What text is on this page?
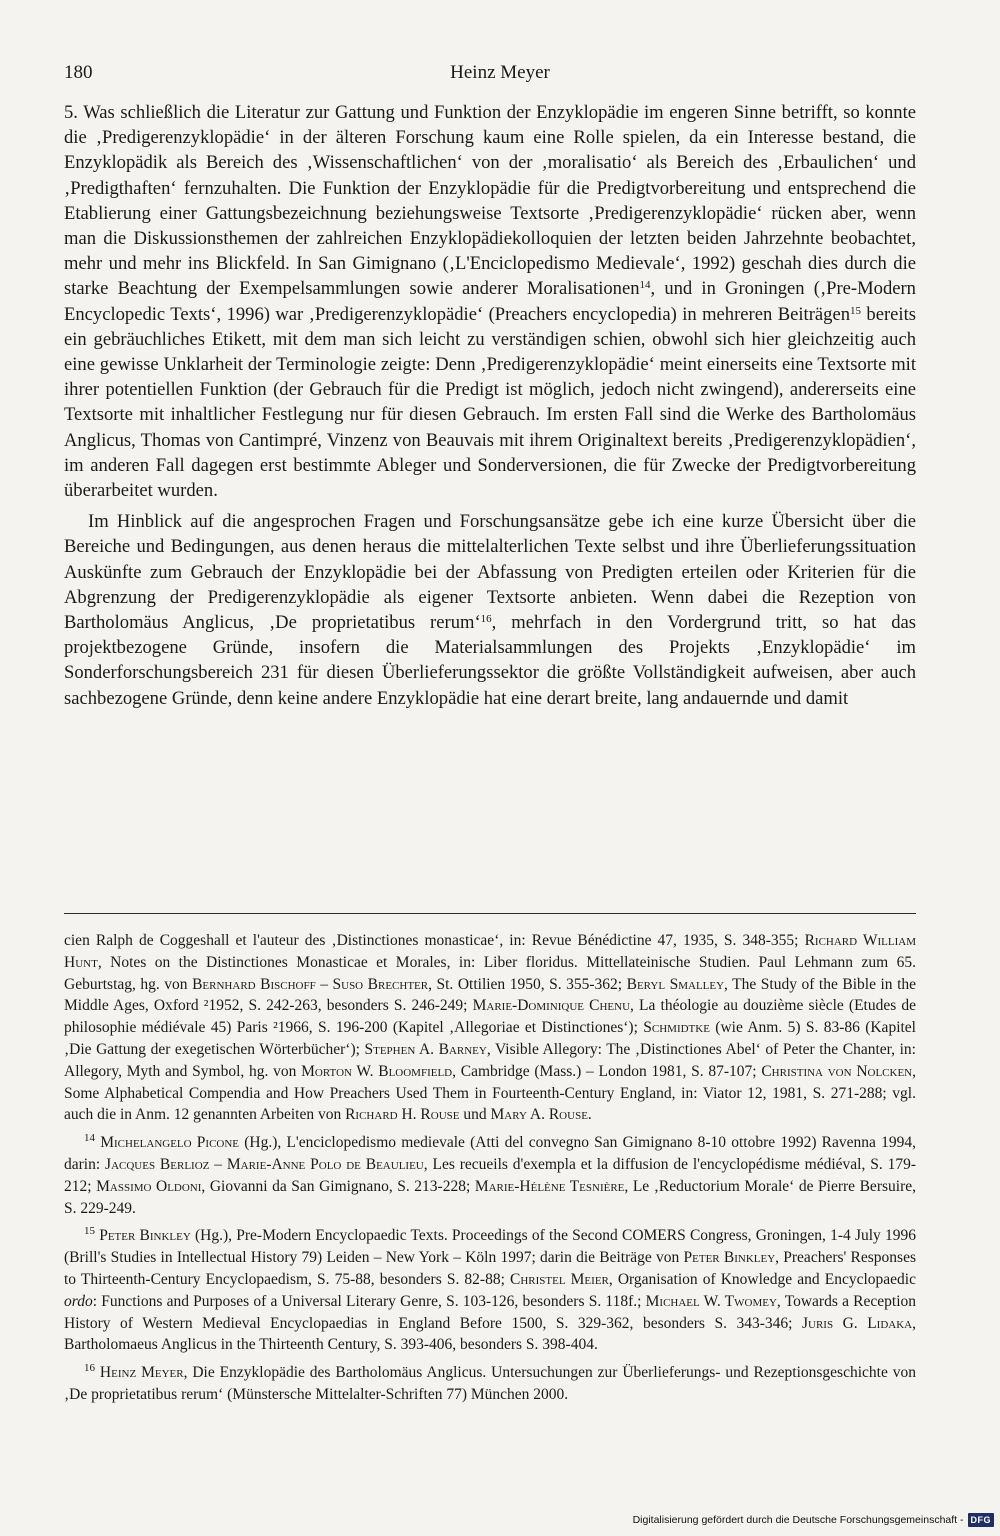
180	Heinz Meyer

5. Was schließlich die Literatur zur Gattung und Funktion der Enzyklopädie im engeren Sinne betrifft, so konnte die ‚Predigerenzyklopädie‘ in der älteren Forschung kaum eine Rolle spielen, da ein Interesse bestand, die Enzyklopädik als Bereich des ‚Wissenschaftlichen‘ von der ‚moralisatio‘ als Bereich des ‚Erbaulichen‘ und ‚Predigthaften‘ fernzuhalten. Die Funktion der Enzyklopädie für die Predigtvorbereitung und entsprechend die Etablierung einer Gattungsbezeichnung beziehungsweise Textsorte ‚Predigerenzyklopädie‘ rücken aber, wenn man die Diskussionsthemen der zahlreichen Enzyklopädiekolloquien der letzten beiden Jahrzehnte beobachtet, mehr und mehr ins Blickfeld. In San Gimignano (‚L'Enciclopedismo Medievale‘, 1992) geschah dies durch die starke Beachtung der Exempelsammlungen sowie anderer Moralisationen$^{14}$, und in Groningen (‚Pre-Modern Encyclopedic Texts‘, 1996) war ‚Predigerenzyklopädie‘ (Preachers encyclopedia) in mehreren Beiträgen$^{15}$ bereits ein gebräuchliches Etikett, mit dem man sich leicht zu verständigen schien, obwohl sich hier gleichzeitig auch eine gewisse Unklarheit der Terminologie zeigte: Denn ‚Predigerenzyklopädie‘ meint einerseits eine Textsorte mit ihrer potentiellen Funktion (der Gebrauch für die Predigt ist möglich, jedoch nicht zwingend), andererseits eine Textsorte mit inhaltlicher Festlegung nur für diesen Gebrauch. Im ersten Fall sind die Werke des Bartholomäus Anglicus, Thomas von Cantimpré, Vinzenz von Beauvais mit ihrem Originaltext bereits ‚Predigerenzyklopädien‘, im anderen Fall dagegen erst bestimmte Ableger und Sonderversionen, die für Zwecke der Predigtvorbereitung überarbeitet wurden.

Im Hinblick auf die angesprochen Fragen und Forschungsansätze gebe ich eine kurze Übersicht über die Bereiche und Bedingungen, aus denen heraus die mittelalterlichen Texte selbst und ihre Überlieferungssituation Auskünfte zum Gebrauch der Enzyklopädie bei der Abfassung von Predigten erteilen oder Kriterien für die Abgrenzung der Predigerenzyklopädie als eigener Textsorte anbieten. Wenn dabei die Rezeption von Bartholomäus Anglicus, ‚De proprietatibus rerum‘$^{16}$, mehrfach in den Vordergrund tritt, so hat das projektbezogene Gründe, insofern die Materialsammlungen des Projekts ‚Enzyklopädie‘ im Sonderforschungsbereich 231 für diesen Überlieferungssektor die größte Vollständigkeit aufweisen, aber auch sachbezogene Gründe, denn keine andere Enzyklopädie hat eine derart breite, lang andauernde und damit

cien Ralph de Coggeshall et l'auteur des ‚Distinctiones monasticae‘, in: Revue Bénédictine 47, 1935, S. 348-355; Richard William Hunt, Notes on the Distinctiones Monasticae et Morales, in: Liber floridus. Mittellateinische Studien. Paul Lehmann zum 65. Geburtstag, hg. von Bernhard Bischoff – Suso Brechter, St. Ottilien 1950, S. 355-362; Beryl Smalley, The Study of the Bible in the Middle Ages, Oxford ²1952, S. 242-263, besonders S. 246-249; Marie-Dominique Chenu, La théologie au douzième siècle (Etudes de philosophie médiévale 45) Paris ²1966, S. 196-200 (Kapitel ‚Allegoriae et Distinctiones‘); Schmidtke (wie Anm. 5) S. 83-86 (Kapitel ‚Die Gattung der exegetischen Wörterbücher‘); Stephen A. Barney, Visible Allegory: The ‚Distinctiones Abel‘ of Peter the Chanter, in: Allegory, Myth and Symbol, hg. von Morton W. Bloomfield, Cambridge (Mass.) – London 1981, S. 87-107; Christina von Nolcken, Some Alphabetical Compendia and How Preachers Used Them in Fourteenth-Century England, in: Viator 12, 1981, S. 271-288; vgl. auch die in Anm. 12 genannten Arbeiten von Richard H. Rouse und Mary A. Rouse.

$^{14}$ Michelangelo Picone (Hg.), L'enciclopedismo medievale (Atti del convegno San Gimignano 8-10 ottobre 1992) Ravenna 1994, darin: Jacques Berlioz – Marie-Anne Polo de Beaulieu, Les recueils d'exempla et la diffusion de l'encyclopédisme médiéval, S. 179-212; Massimo Oldoni, Giovanni da San Gimignano, S. 213-228; Marie-Hélène Tesnière, Le ‚Reductorium Morale‘ de Pierre Bersuire, S. 229-249.

$^{15}$ Peter Binkley (Hg.), Pre-Modern Encyclopaedic Texts. Proceedings of the Second COMERS Congress, Groningen, 1-4 July 1996 (Brill's Studies in Intellectual History 79) Leiden – New York – Köln 1997; darin die Beiträge von Peter Binkley, Preachers' Responses to Thirteenth-Century Encyclopaedism, S. 75-88, besonders S. 82-88; Christel Meier, Organisation of Knowledge and Encyclopaedic ordo: Functions and Purposes of a Universal Literary Genre, S. 103-126, besonders S. 118f.; Michael W. Twomey, Towards a Reception History of Western Medieval Encyclopaedias in England Before 1500, S. 329-362, besonders S. 343-346; Juris G. Lidaka, Bartholomaeus Anglicus in the Thirteenth Century, S. 393-406, besonders S. 398-404.

$^{16}$ Heinz Meyer, Die Enzyklopädie des Bartholomäus Anglicus. Untersuchungen zur Überlieferungs- und Rezeptionsgeschichte von ‚De proprietatibus rerum‘ (Münstersche Mittelalter-Schriften 77) München 2000.

Digitalisierung gefördert durch die Deutsche Forschungsgemeinschaft - DFG
